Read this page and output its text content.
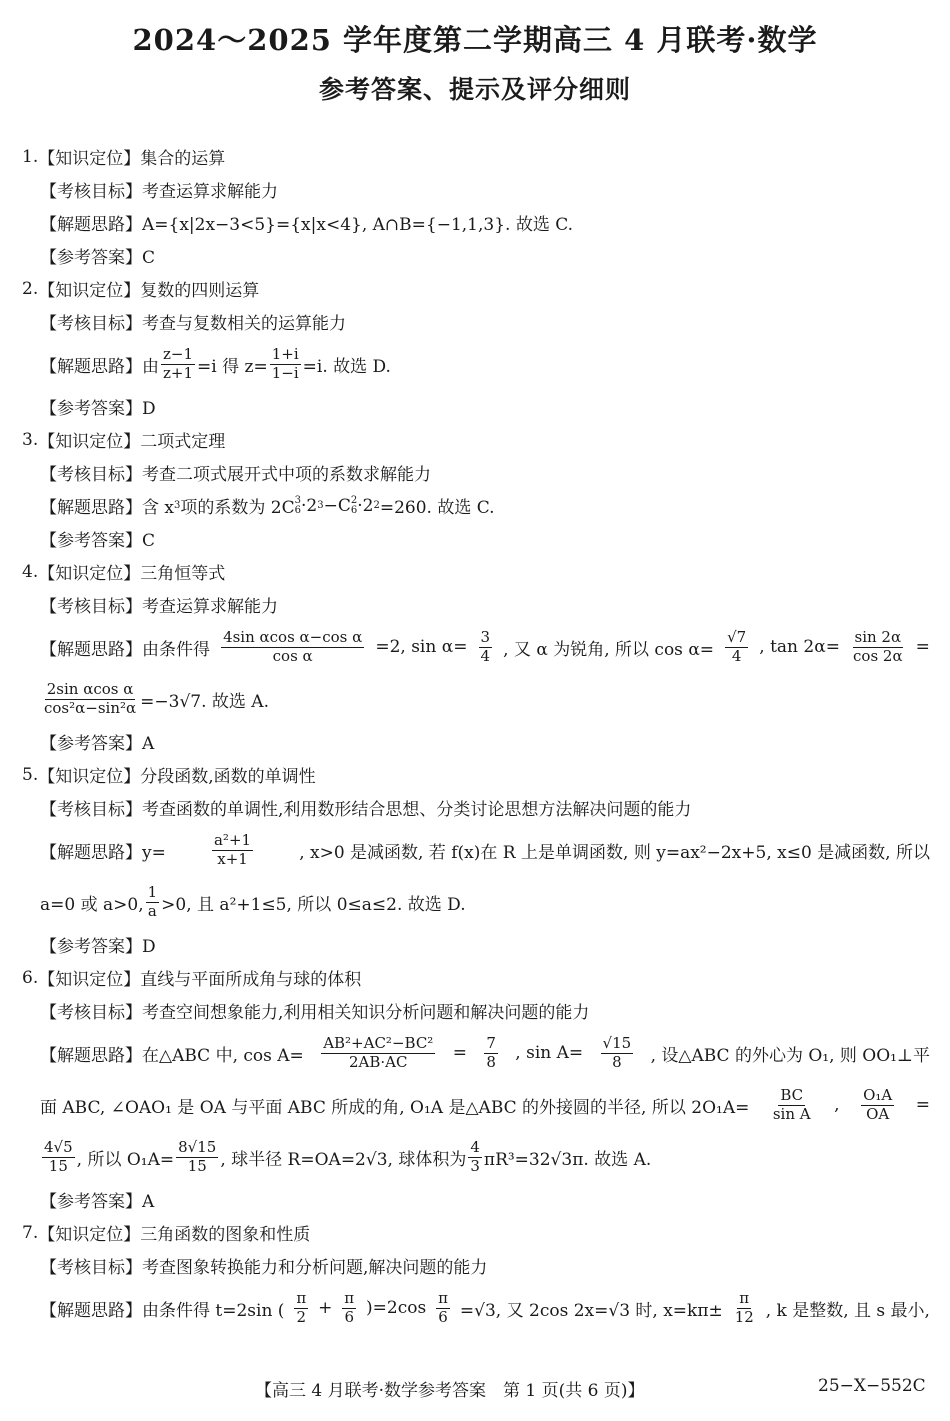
2024～2025 学年度第二学期高三 4 月联考·数学
参考答案、提示及评分细则
1. 【知识定位】集合的运算
【考核目标】考查运算求解能力
【解题思路】A={x|2x−3<5}={x|x<4}, A∩B={−1,1,3}. 故选 C.
【参考答案】C
2. 【知识定位】复数的四则运算
【考核目标】考查与复数相关的运算能力
【解题思路】由 $\frac{z-1}{z+1} =i$ 得 $z= \frac{1+i}{1-i} =i$. 故选 D.
【参考答案】D
3. 【知识定位】二项式定理
【考核目标】考查二项式展开式中项的系数求解能力
【解题思路】含 x 3 项的系数为 2C 3
6 ·2 3 −C 2
6 ·2 2 =260. 故选 C.
【参考答案】C
4. 【知识定位】三角恒等式
【考核目标】考查运算求解能力
【解题思路】由条件得 $\frac{\text{4sin αcos α−cos α}}{\text{cos α}} =2$, $\sin \alpha= \frac{3}{4}$ , 又 α 为锐角, 所以 $\cos \alpha= \frac{√7}{4}$ , $\tan 2\alpha= \frac{\sin 2\alpha}{\cos 2\alpha}$ =
$\frac{\text{2sin αcos α}}{\text{cos²α−sin²α}} =-3√7$. 故选 A.
【参考答案】A
5. 【知识定位】分段函数,函数的单调性
【考核目标】考查函数的单调性,利用数形结合思想、分类讨论思想方法解决问题的能力
【解题思路】y=	$\frac{\text{a²+1}}{x+1}$	, x>0 是减函数, 若 f(x)在 R 上是单调函数, 则 y=ax²−2x+5, x≤0 是减函数, 所以
a=0 或 a>0, $\frac{1}{a} >0$, 且 a²+1≤5, 所以 0≤a≤2. 故选 D.
【参考答案】D
6. 【知识定位】直线与平面所成角与球的体积
【考核目标】考查空间想象能力,利用相关知识分析问题和解决问题的能力
【解题思路】在△ABC 中, $\cos A= \frac{\text{AB²+AC²−BC²}}{2AB\cdot AC} = \frac{7}{8}$ , $\sin A= \frac{√15}{8}$ , 设△ABC 的外心为 O₁, 则 OO₁⊥平
面 ABC, ∠OAO₁ 是 OA 与平面 ABC 所成的角, O₁A 是△ABC 的外接圆的半径, 所以 $2O_1A= \frac{BC}{\text{sin A}}$ , $\frac{\text{O₁A}}{OA}$ =
$\frac{4√5}{15}$ , 所以 $O_1A= \frac{8√15}{15}$ , 球半径 R=OA=2√3, 球体积为 $\frac{4}{3} \pi R^3=32√3\pi$. 故选 A.
【参考答案】A
7. 【知识定位】三角函数的图象和性质
【考核目标】考查图象转换能力和分析问题,解决问题的能力
【解题思路】由条件得 t=2sin ( $\frac{\pi}{2} + \frac{\pi}{6} )=2\cos \frac{\pi}{6} =√3$, 又 2cos 2x=√3 时, $x=k\pi\pm \frac{\pi}{12}$ , k 是整数, 且 s 最小,
【高三 4 月联考·数学参考答案　第 1 页(共 6 页)】	25−X−552C
